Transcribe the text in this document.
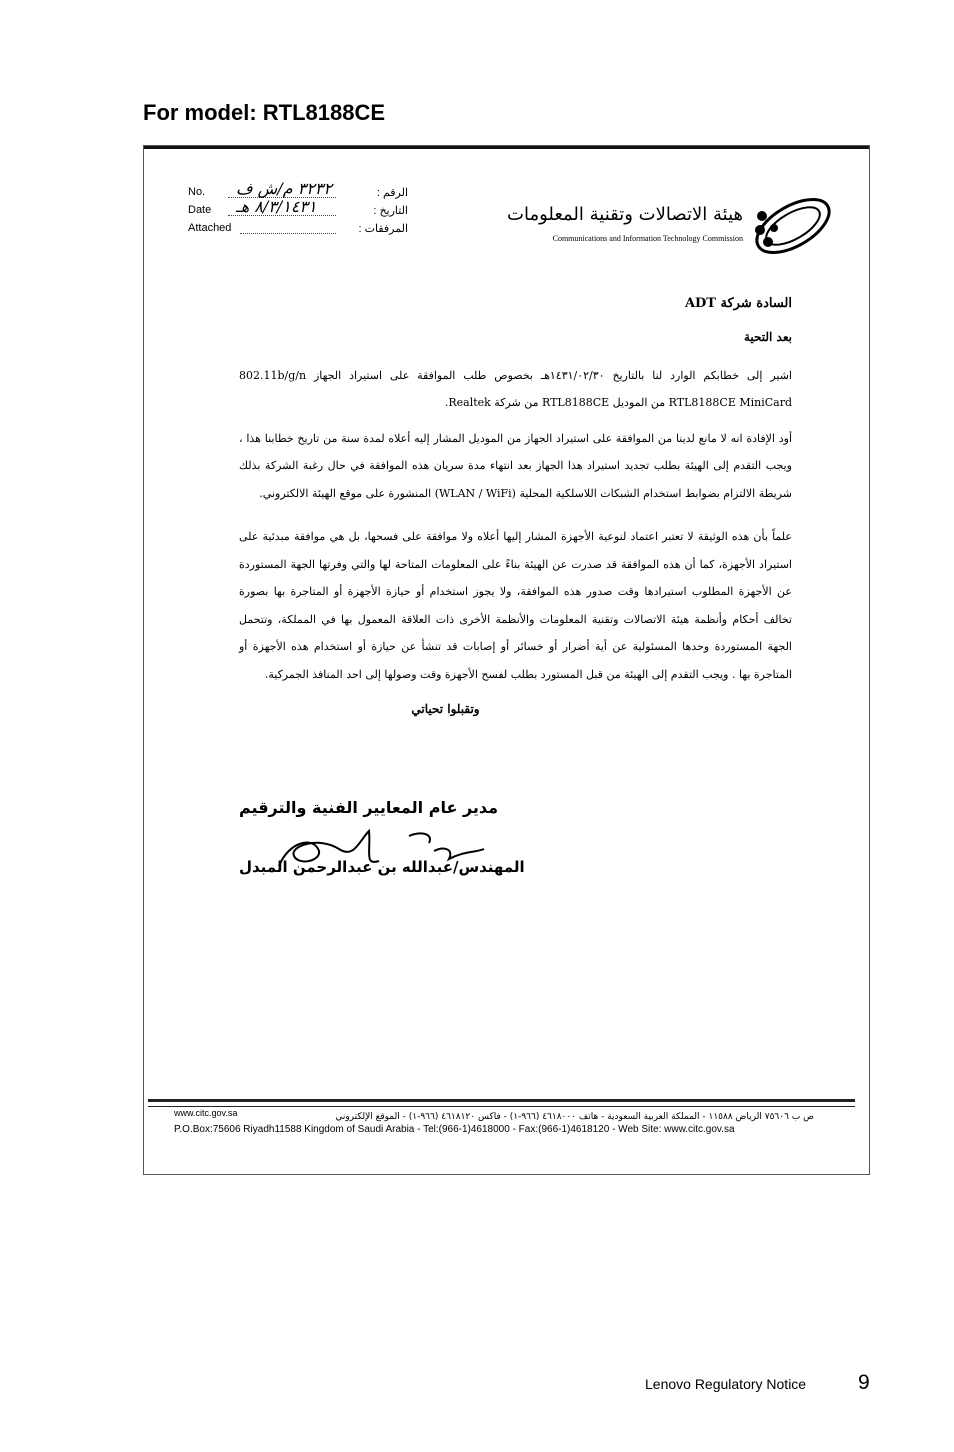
For model: RTL8188CE
No. ٣٢٣٢ م/ش ف	الرقم :
Date ٨/٣/١٤٣١ هـ	التاريخ :
Attached	المرفقات :
هيئة الاتصالات وتقنية المعلومات
Communications and Information Technology Commission
السادة شركة ADT
بعد التحية

اشير إلى خطابكم الوارد لنا بالتاريخ ١٤٣١/٠٢/٣٠هـ بخصوص طلب الموافقة على استيراد الجهاز 802.11b/g/n RTL8188CE MiniCard من الموديل RTL8188CE من شركة Realtek.

أود الإفادة انه لا مانع لدينا من الموافقة على استيراد الجهاز من الموديل المشار إليه أعلاه لمدة سنة من تاريخ خطابنا هذا ، ويجب التقدم إلى الهيئة بطلب تجديد استيراد هذا الجهاز بعد انتهاء مدة سريان هذه الموافقة في حال رغبة الشركة بذلك شريطة الالتزام بضوابط استخدام الشبكات اللاسلكية المحلية (WLAN / WiFi) المنشورة على موقع الهيئة الالكتروني.

علماً بأن هذه الوثيقة لا تعتبر اعتماد لنوعية الأجهزة المشار إليها أعلاه ولا موافقة على فسحها، بل هي موافقة مبدئية على استيراد الأجهزة، كما أن هذه الموافقة قد صدرت عن الهيئة بناءً على المعلومات المتاحة لها والتي وفرتها الجهة المستوردة عن الأجهزة المطلوب استيرادها وقت صدور هذه الموافقة، ولا يجوز استخدام أو حيازة الأجهزة أو المتاجرة بها بصورة تخالف أحكام وأنظمة هيئة الاتصالات وتقنية المعلومات والأنظمة الأخرى ذات العلاقة المعمول بها في المملكة، وتتحمل الجهة المستوردة وحدها المسئولية عن أية أضرار أو خسائر أو إصابات قد تنشأ عن حيازة أو استخدام هذه الأجهزة أو المتاجرة بها . ويجب التقدم إلى الهيئة من قبل المستورد بطلب لفسح الأجهزة وقت وصولها إلى احد المنافذ الجمركية.

وتقبلوا تحياتي
مدير عام المعايير الفنية والترقيم
المهندس/عبدالله بن عبدالرحمن المبدل
www.citc.gov.sa	ص ب ٧٥٦٠٦ الرياض ١١٥٨٨ - المملكة العربية السعودية - هاتف ٤٦١٨٠٠٠ (٩٦٦-١) - فاكس ٤٦١٨١٢٠ (٩٦٦-١) - الموقع الإلكتروني
P.O.Box:75606 Riyadh11588 Kingdom of Saudi Arabia - Tel:(966-1)4618000 - Fax:(966-1)4618120 - Web Site: www.citc.gov.sa
Lenovo Regulatory Notice 9
